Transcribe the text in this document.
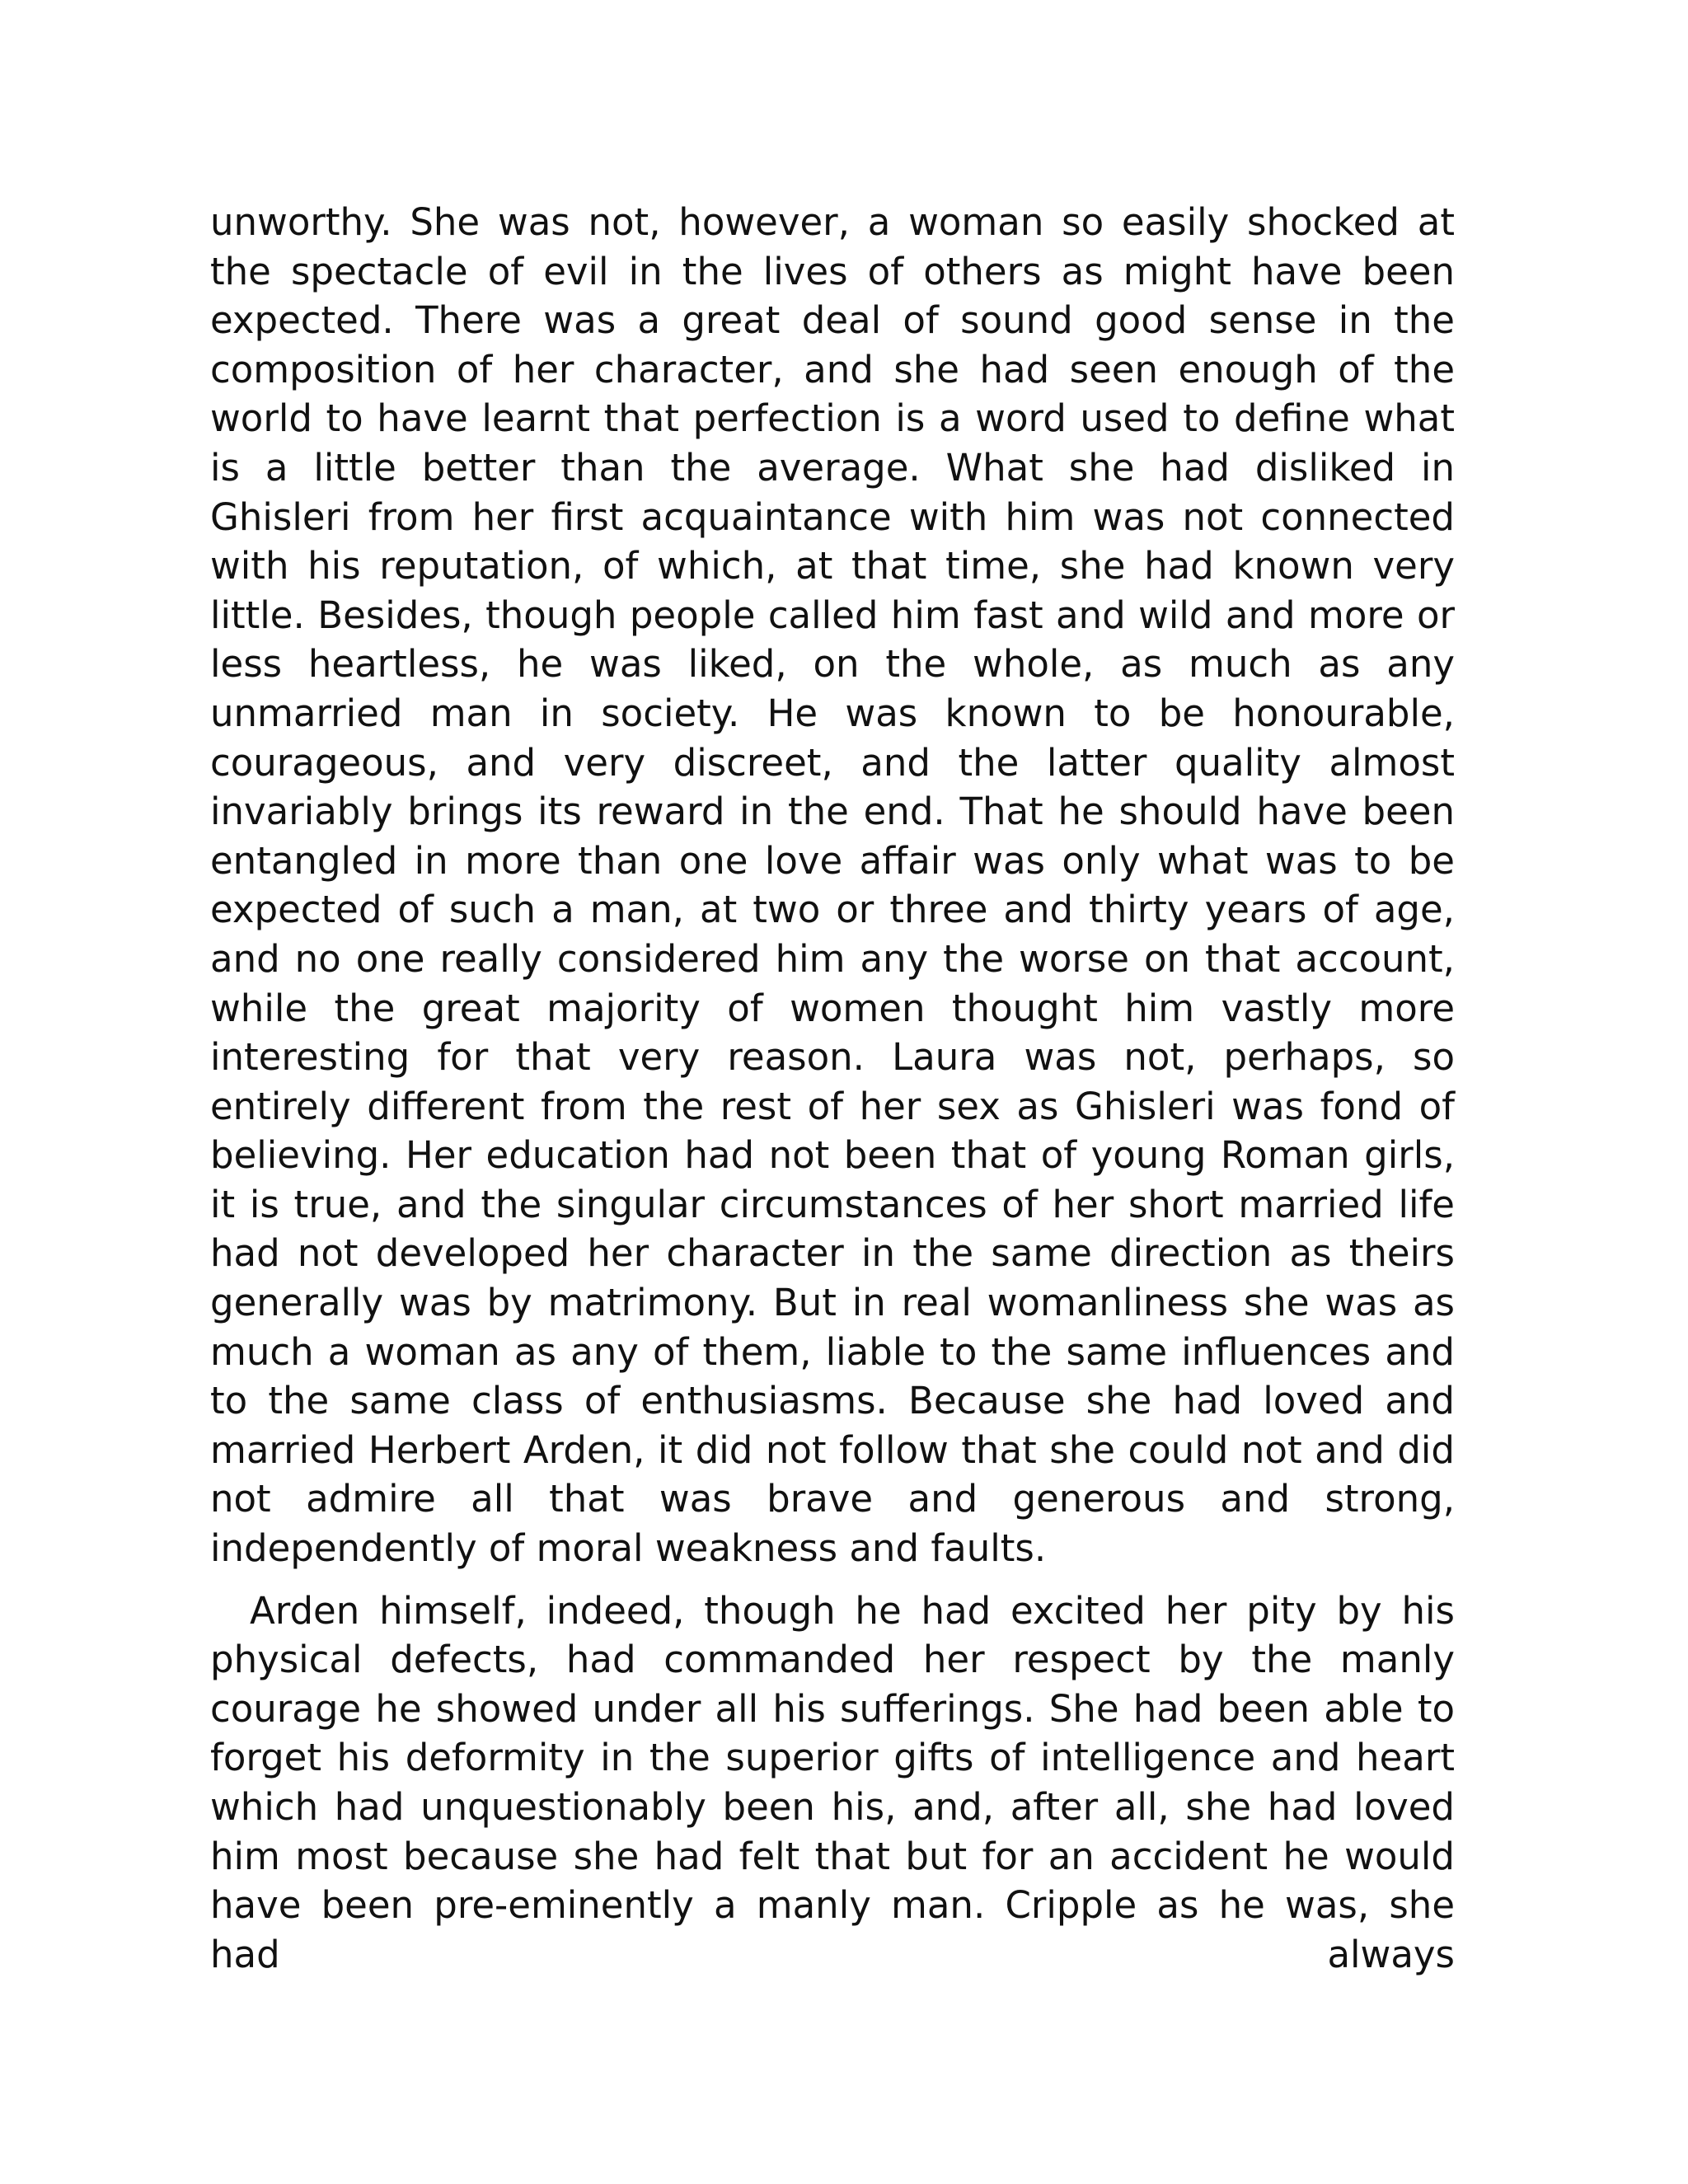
unworthy. She was not, however, a woman so easily shocked at the spectacle of evil in the lives of others as might have been expected. There was a great deal of sound good sense in the composition of her character, and she had seen enough of the world to have learnt that perfection is a word used to define what is a little better than the average. What she had disliked in Ghisleri from her first acquaintance with him was not connected with his reputation, of which, at that time, she had known very little. Besides, though people called him fast and wild and more or less heartless, he was liked, on the whole, as much as any unmarried man in society. He was known to be honourable, courageous, and very discreet, and the latter quality almost invariably brings its reward in the end. That he should have been entangled in more than one love affair was only what was to be expected of such a man, at two or three and thirty years of age, and no one really considered him any the worse on that account, while the great majority of women thought him vastly more interesting for that very reason. Laura was not, perhaps, so entirely different from the rest of her sex as Ghisleri was fond of believing. Her education had not been that of young Roman girls, it is true, and the singular circumstances of her short married life had not developed her character in the same direction as theirs generally was by matrimony. But in real womanliness she was as much a woman as any of them, liable to the same influences and to the same class of enthusiasms. Because she had loved and married Herbert Arden, it did not follow that she could not and did not admire all that was brave and generous and strong, independently of moral weakness and faults.

Arden himself, indeed, though he had excited her pity by his physical defects, had commanded her respect by the manly courage he showed under all his sufferings. She had been able to forget his deformity in the superior gifts of intelligence and heart which had unquestionably been his, and, after all, she had loved him most because she had felt that but for an accident he would have been pre-eminently a manly man. Cripple as he was, she had always
